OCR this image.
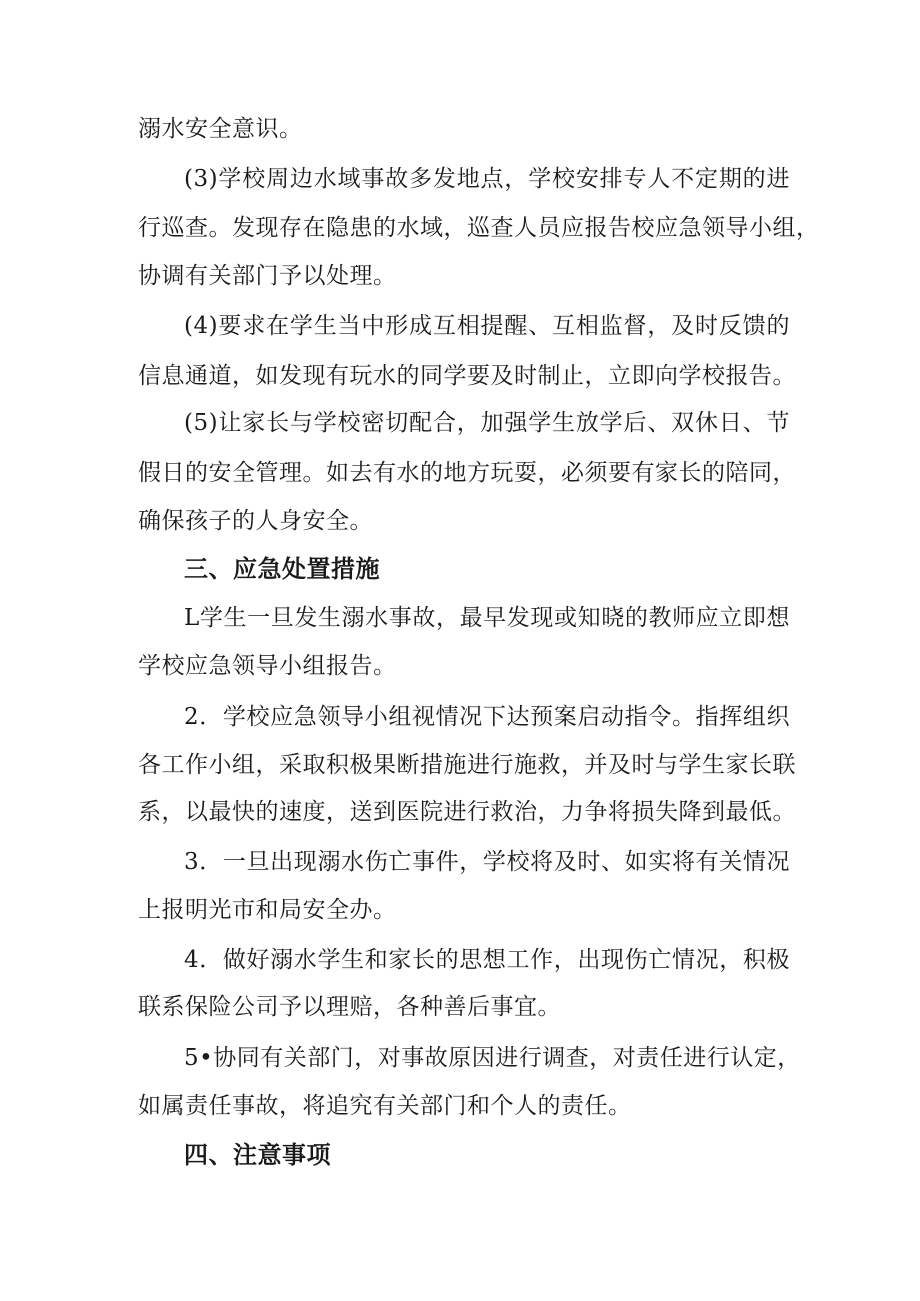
溺水安全意识。
(3)学校周边水域事故多发地点，学校安排专人不定期的进
行巡查。发现存在隐患的水域，巡查人员应报告校应急领导小组，
协调有关部门予以处理。
(4)要求在学生当中形成互相提醒、互相监督，及时反馈的
信息通道，如发现有玩水的同学要及时制止，立即向学校报告。
(5)让家长与学校密切配合，加强学生放学后、双休日、节
假日的安全管理。如去有水的地方玩耍，必须要有家长的陪同，
确保孩子的人身安全。
三、应急处置措施
L学生一旦发生溺水事故，最早发现或知晓的教师应立即想
学校应急领导小组报告。
2．学校应急领导小组视情况下达预案启动指令。指挥组织
各工作小组，采取积极果断措施进行施救，并及时与学生家长联
系，以最快的速度，送到医院进行救治，力争将损失降到最低。
3．一旦出现溺水伤亡事件，学校将及时、如实将有关情况
上报明光市和局安全办。
4．做好溺水学生和家长的思想工作，出现伤亡情况，积极
联系保险公司予以理赔，各种善后事宜。
5•协同有关部门，对事故原因进行调查，对责任进行认定，
如属责任事故，将追究有关部门和个人的责任。
四、注意事项
